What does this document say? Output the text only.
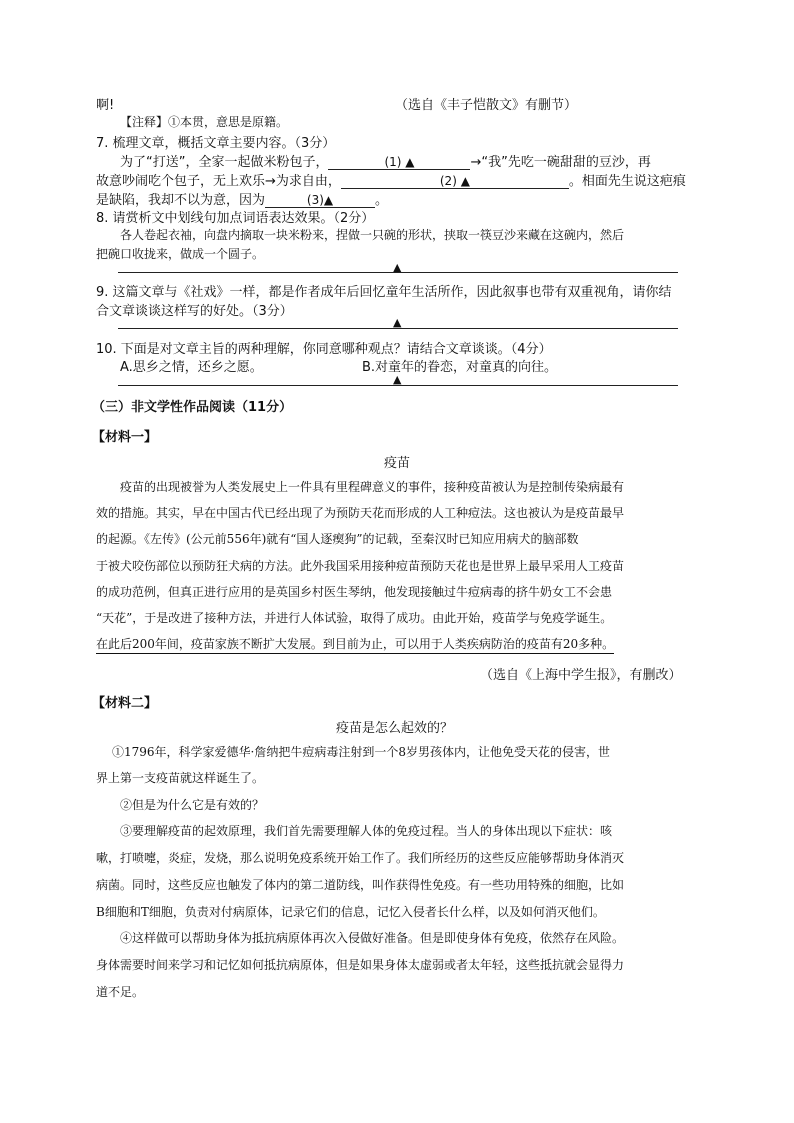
啊!	（选自《丰子恺散文》有删节）
【注释】①本贯，意思是原籍。
7. 梳理文章，概括文章主要内容。（3分）
为了“打送”，全家一起做米粉包子，	(1) ▲	→“我”先吃一碗甜甜的豆沙，再
故意吵闹吃个包子，无上欢乐→为求自由，	(2) ▲	。相面先生说这疤痕
是缺陷，我却不以为意，因为	(3)▲	。
8. 请赏析文中划线句加点词语表达效果。（2分）
各人卷起衣袖，向盘内摘取一块米粉来，捏做一只碗的形状，挟取一筷豆沙来藏在这碗内，然后
把碗口收拢来，做成一个圆子。
▲
9. 这篇文章与《社戏》一样，都是作者成年后回忆童年生活所作，因此叙事也带有双重视角，请你结
合文章谈谈这样写的好处。（3分）
▲
10. 下面是对文章主旨的两种理解，你同意哪种观点？请结合文章谈谈。（4分）
A.思乡之情，还乡之愿。	B.对童年的眷恋，对童真的向往。
▲
（三）非文学性作品阅读（11分）
【材料一】
疫苗
疫苗的出现被誉为人类发展史上一件具有里程碑意义的事件，接种疫苗被认为是控制传染病最有
效的措施。其实，早在中国古代已经出现了为预防天花而形成的人工种痘法。这也被认为是疫苗最早
的起源。《左传》(公元前556年)就有“国人逐瘈狗”的记载，至秦汉时已知应用病犬的脑部数
于被犬咬伤部位以预防狂犬病的方法。此外我国采用接种痘苗预防天花也是世界上最早采用人工疫苗
的成功范例，但真正进行应用的是英国乡村医生琴纳，他发现接触过牛痘病毒的挤牛奶女工不会患
“天花”，于是改进了接种方法，并进行人体试验，取得了成功。由此开始，疫苗学与免疫学诞生。
在此后200年间，疫苗家族不断扩大发展。到目前为止，可以用于人类疾病防治的疫苗有20多种。
（选自《上海中学生报》，有删改）
【材料二】
疫苗是怎么起效的？
①1796年，科学家爱德华·詹纳把牛痘病毒注射到一个8岁男孩体内，让他免受天花的侵害，世
界上第一支疫苗就这样诞生了。
②但是为什么它是有效的？
③要理解疫苗的起效原理，我们首先需要理解人体的免疫过程。当人的身体出现以下症状：咳
嗽，打喷嚏，炎症，发烧，那么说明免疫系统开始工作了。我们所经历的这些反应能够帮助身体消灭
病菌。同时，这些反应也触发了体内的第二道防线，叫作获得性免疫。有一些功用特殊的细胞，比如
B细胞和T细胞，负责对付病原体，记录它们的信息，记忆入侵者长什么样，以及如何消灭他们。
④这样做可以帮助身体为抵抗病原体再次入侵做好准备。但是即使身体有免疫，依然存在风险。
身体需要时间来学习和记忆如何抵抗病原体，但是如果身体太虚弱或者太年轻，这些抵抗就会显得力
道不足。
